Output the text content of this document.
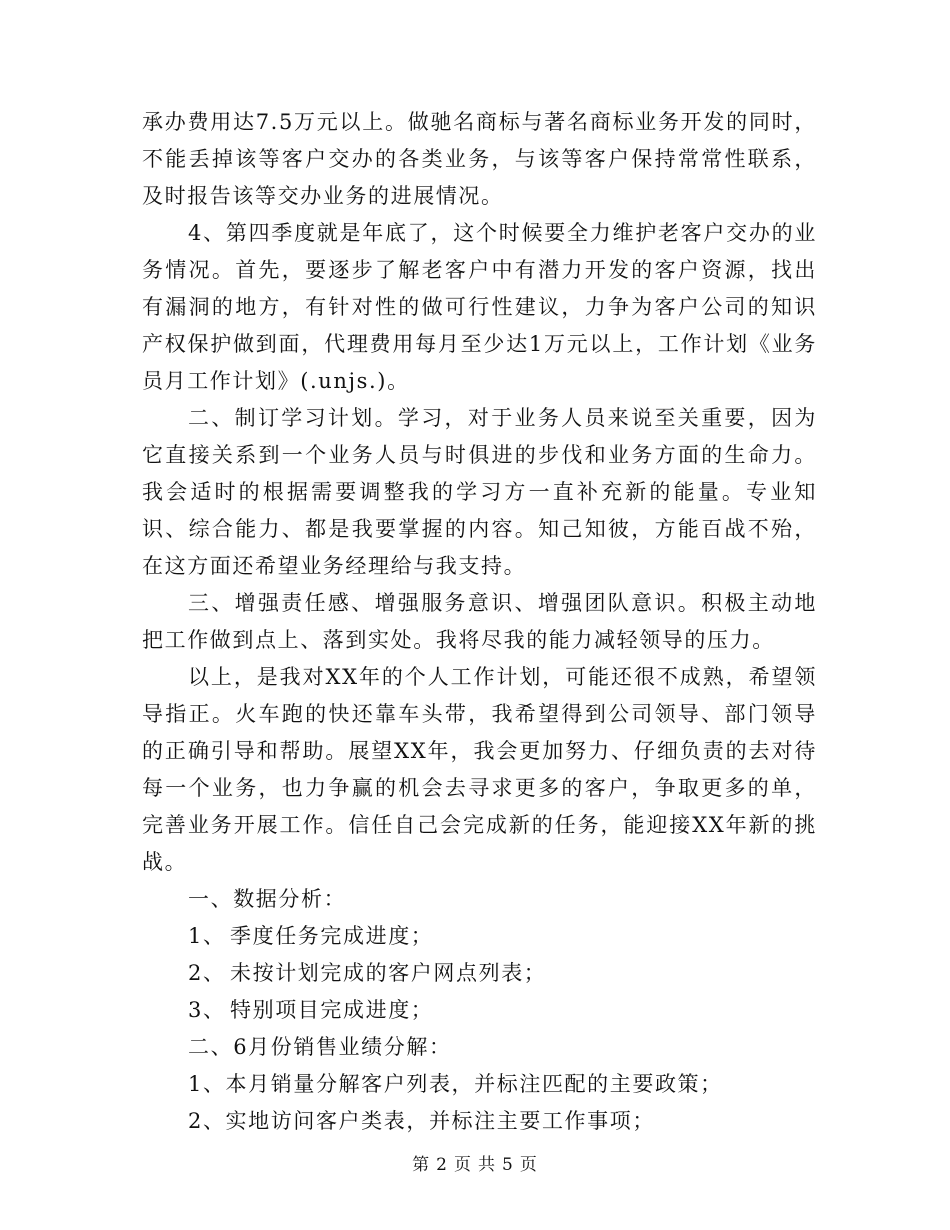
承办费用达7.5万元以上。做驰名商标与著名商标业务开发的同时，不能丢掉该等客户交办的各类业务，与该等客户保持常常性联系，及时报告该等交办业务的进展情况。

4、第四季度就是年底了，这个时候要全力维护老客户交办的业务情况。首先，要逐步了解老客户中有潜力开发的客户资源，找出有漏洞的地方，有针对性的做可行性建议，力争为客户公司的知识产权保护做到面，代理费用每月至少达1万元以上，工作计划《业务员月工作计划》(.unjs.)。

二、制订学习计划。学习，对于业务人员来说至关重要，因为它直接关系到一个业务人员与时俱进的步伐和业务方面的生命力。我会适时的根据需要调整我的学习方一直补充新的能量。专业知识、综合能力、都是我要掌握的内容。知己知彼，方能百战不殆，在这方面还希望业务经理给与我支持。

三、增强责任感、增强服务意识、增强团队意识。积极主动地把工作做到点上、落到实处。我将尽我的能力减轻领导的压力。

以上，是我对XX年的个人工作计划，可能还很不成熟，希望领导指正。火车跑的快还靠车头带，我希望得到公司领导、部门领导的正确引导和帮助。展望XX年，我会更加努力、仔细负责的去对待每一个业务，也力争赢的机会去寻求更多的客户，争取更多的单，完善业务开展工作。信任自己会完成新的任务，能迎接XX年新的挑战。

一、数据分析：

1、 季度任务完成进度；

2、 未按计划完成的客户网点列表；

3、 特别项目完成进度；

二、6月份销售业绩分解：

1、本月销量分解客户列表，并标注匹配的主要政策；

2、实地访问客户类表，并标注主要工作事项；

第 2 页 共 5 页
